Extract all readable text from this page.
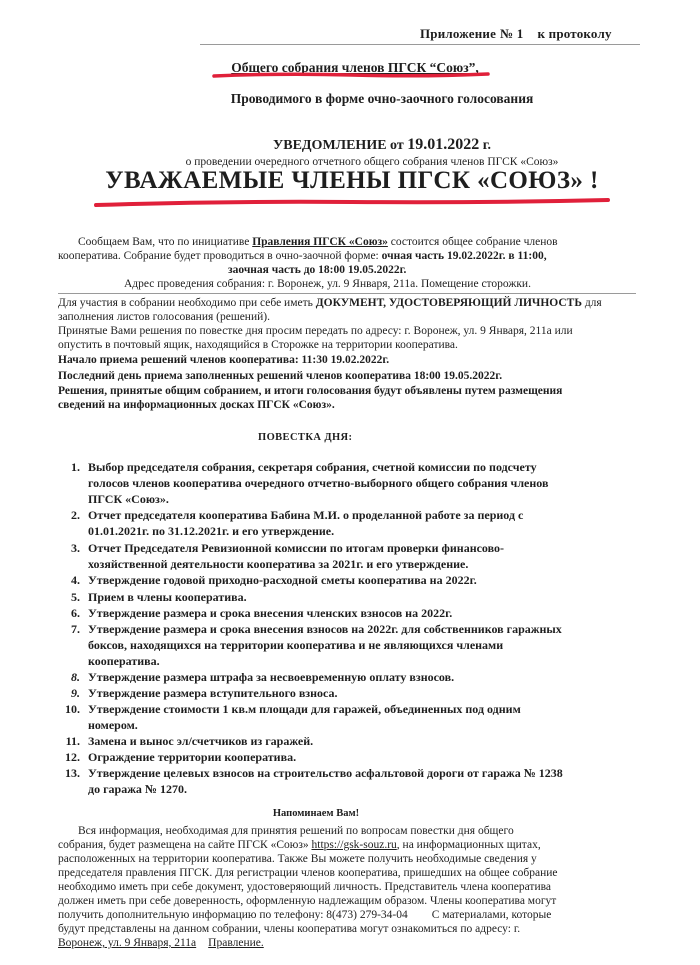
Приложение № 1 к протоколу
Общего собрания членов ПГСК “Союз”,
Проводимого в форме очно-заочного голосования
УВЕДОМЛЕНИЕ от 19.01.2022 г.
о проведении очередного отчетного общего собрания членов ПГСК «Союз»
УВАЖАЕМЫЕ ЧЛЕНЫ ПГСК «СОЮЗ» !
Сообщаем Вам, что по инициативе Правления ПГСК «Союз» состоится общее собрание членов
кооператива. Собрание будет проводиться в очно-заочной форме: очная часть 19.02.2022г. в 11:00,
заочная часть до 18:00 19.05.2022г.
Адрес проведения собрания: г. Воронеж, ул. 9 Января, 211а. Помещение сторожки.
Для участия в собрании необходимо при себе иметь ДОКУМЕНТ, УДОСТОВЕРЯЮЩИЙ ЛИЧНОСТЬ для
заполнения листов голосования (решений).
Принятые Вами решения по повестке дня просим передать по адресу: г. Воронеж, ул. 9 Января, 211а или
опустить в почтовый ящик, находящийся в Сторожке на территории кооператива.
Начало приема решений членов кооператива: 11:30 19.02.2022г.
Последний день приема заполненных решений членов кооператива 18:00 19.05.2022г.
Решения, принятые общим собранием, и итоги голосования будут объявлены путем размещения
сведений на информационных досках ПГСК «Союз».
ПОВЕСТКА ДНЯ:
1. Выбор председателя собрания, секретаря собрания, счетной комиссии по подсчету
голосов членов кооператива очередного отчетно-выборного общего собрания членов
ПГСК «Союз».
2. Отчет председателя кооператива Бабина М.И. о проделанной работе за период с
01.01.2021г. по 31.12.2021г. и его утверждение.
3. Отчет Председателя Ревизионной комиссии по итогам проверки финансово-
хозяйственной деятельности кооператива за 2021г. и его утверждение.
4. Утверждение годовой приходно-расходной сметы кооператива на 2022г.
5. Прием в члены кооператива.
6. Утверждение размера и срока внесения членских взносов на 2022г.
7. Утверждение размера и срока внесения взносов на 2022г. для собственников гаражных
боксов, находящихся на территории кооператива и не являющихся членами
кооператива.
8. Утверждение размера штрафа за несвоевременную оплату взносов.
9. Утверждение размера вступительного взноса.
10. Утверждение стоимости 1 кв.м площади для гаражей, объединенных под одним
номером.
11. Замена и вынос эл/счетчиков из гаражей.
12. Ограждение территории кооператива.
13. Утверждение целевых взносов на строительство асфальтовой дороги от гаража № 1238
до гаража № 1270.
Напоминаем Вам!
Вся информация, необходимая для принятия решений по вопросам повестки дня общего
собрания, будет размещена на сайте ПГСК «Союз» https://gsk-souz.ru, на информационных щитах,
расположенных на территории кооператива. Также Вы можете получить необходимые сведения у
председателя правления ПГСК. Для регистрации членов кооператива, пришедших на общее собрание
необходимо иметь при себе документ, удостоверяющий личность. Представитель члена кооператива
должен иметь при себе доверенность, оформленную надлежащим образом. Члены кооператива могут
получить дополнительную информацию по телефону: 8(473) 279-34-04 С материалами, которые
будут представлены на данном собрании, члены кооператива могут ознакомиться по адресу: г.
Воронеж, ул. 9 Января, 211а Правление.
